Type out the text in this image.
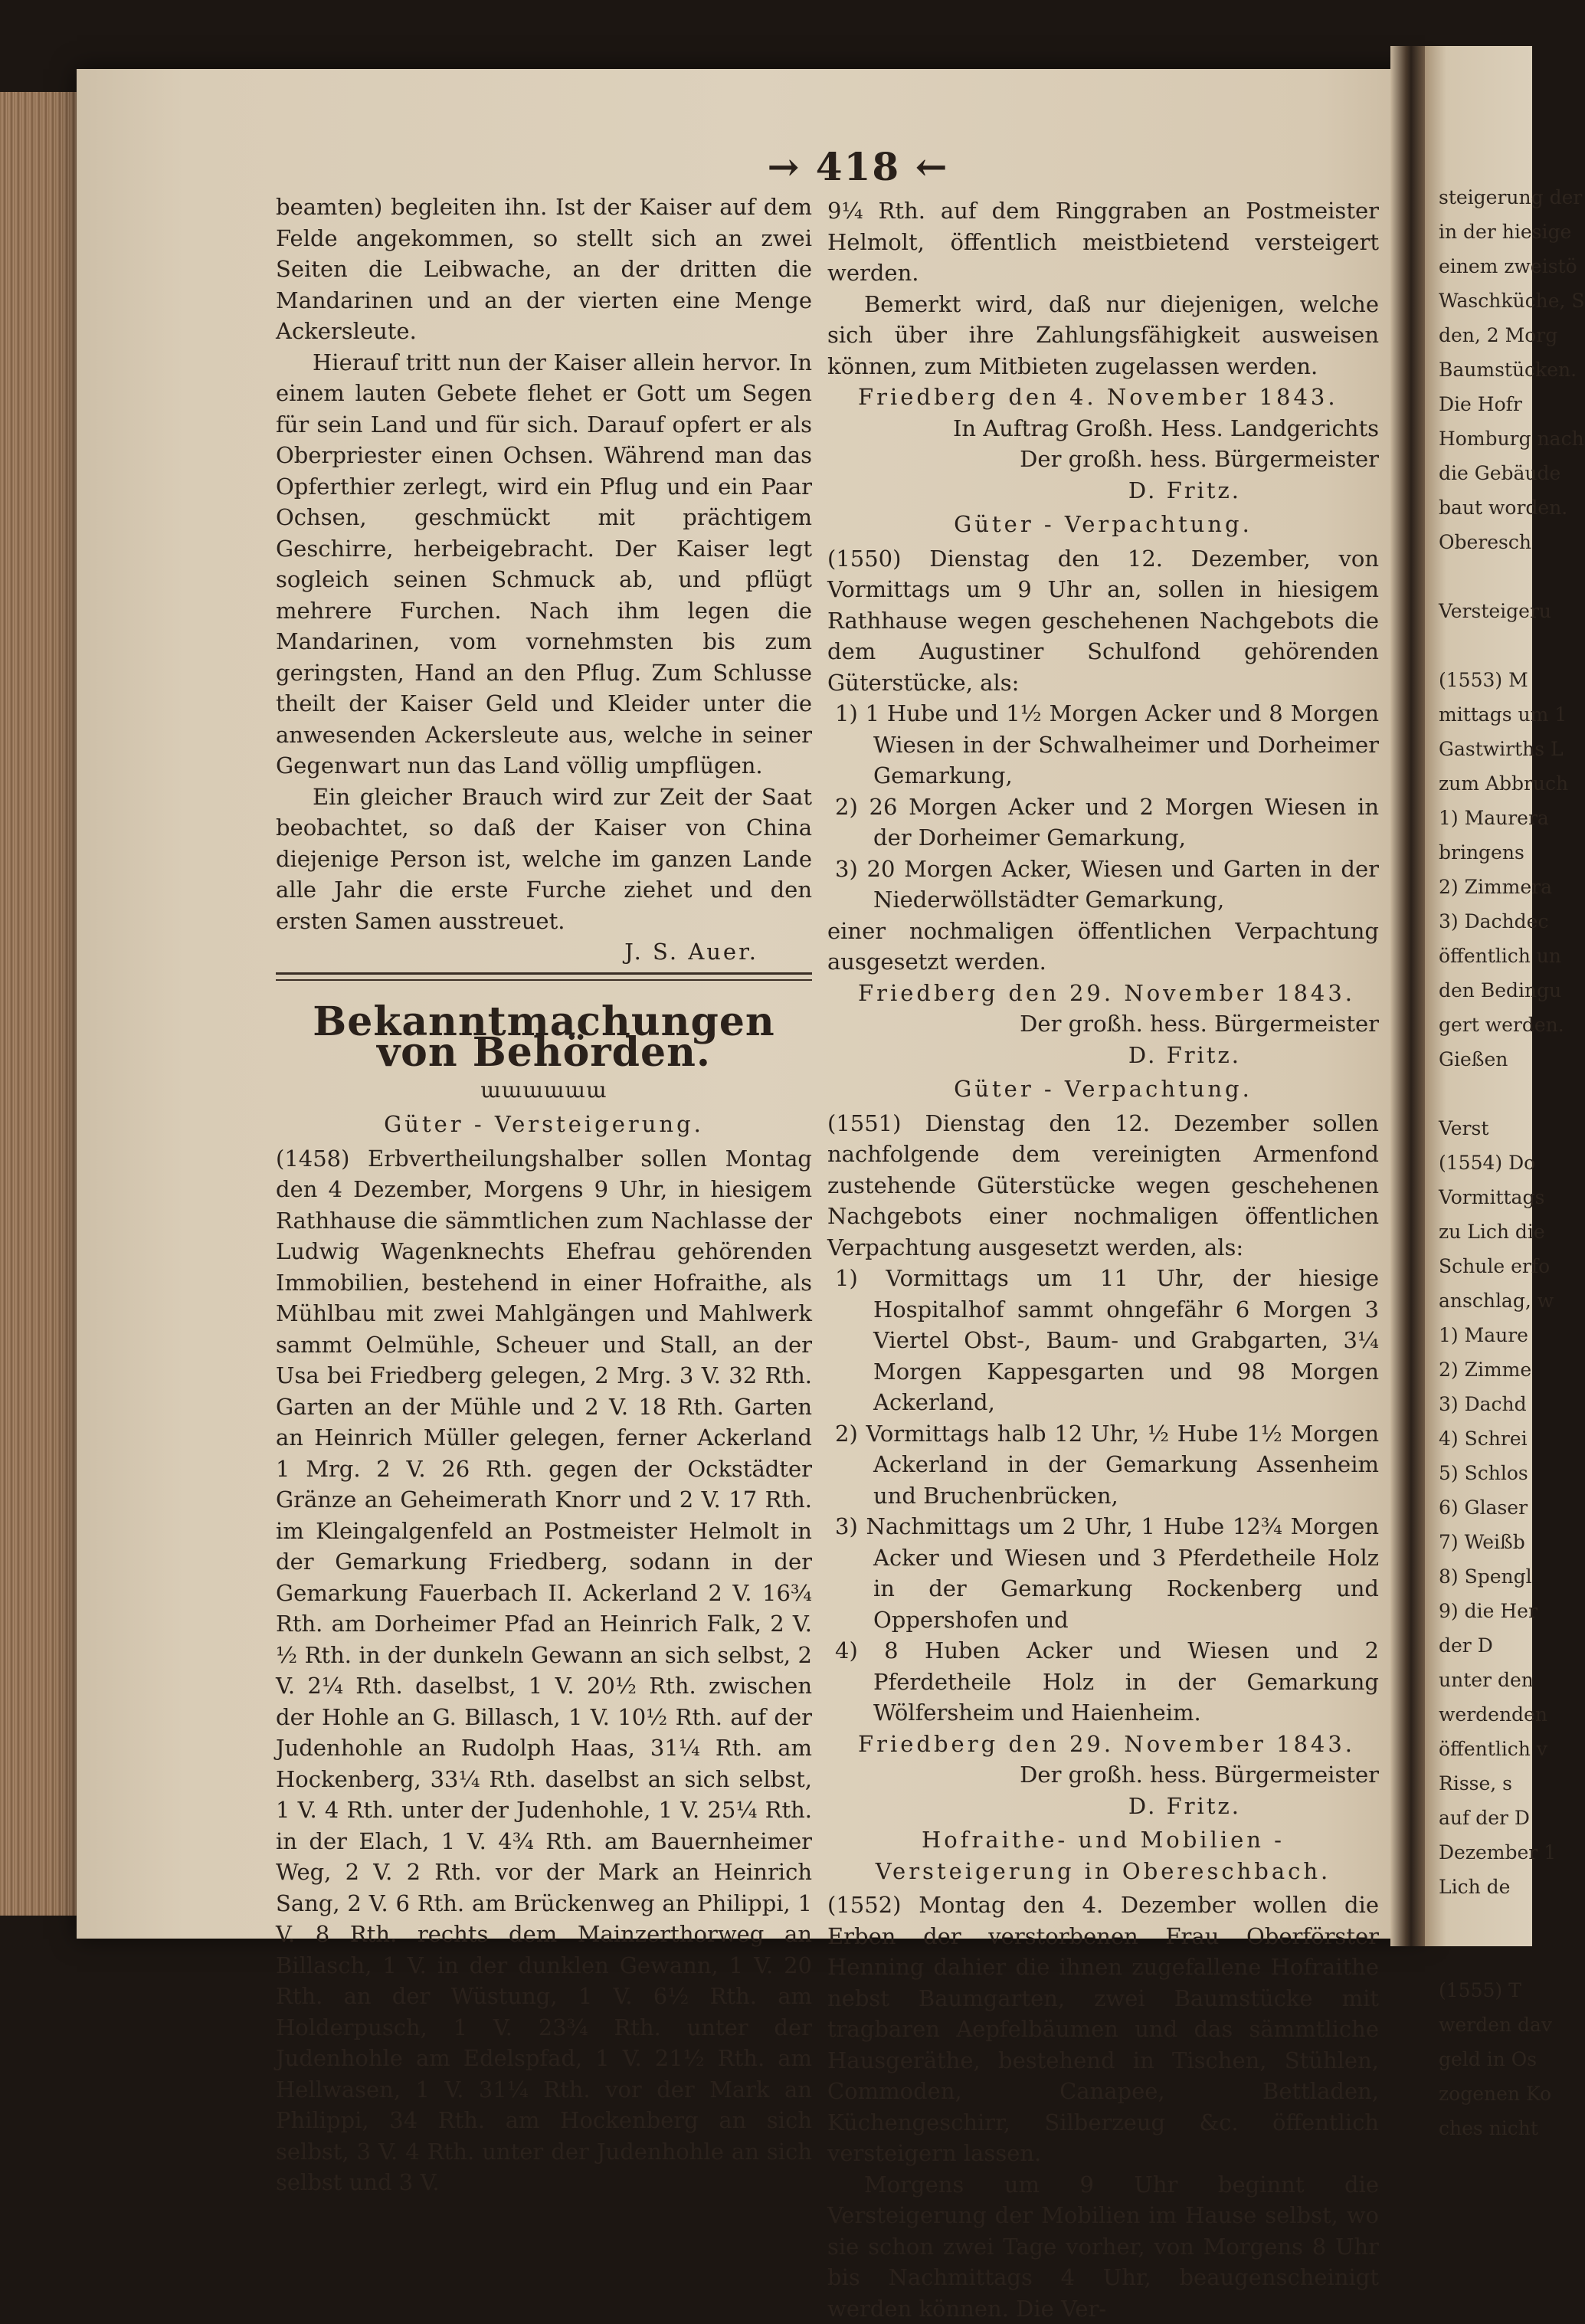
steigerung der
in der hiesige
einem zweistö
Waschküche, S
den, 2 Morg
Baumstücken.
Die Hofr
Homburg nach
die Gebäude
baut worden.
Oberesch

Versteigeru

(1553) M
mittags um 1
Gastwirths L
zum Abbruch
1) Maurera
bringens
2) Zimmera
3) Dachdec
öffentlich un
den Bedingu
gert werden.
Gießen

Verst
(1554) Do
Vormittags
zu Lich die
Schule erfo
anschlag, w
1) Maure
2) Zimme
3) Dachd
4) Schrei
5) Schlos
6) Glaser
7) Weißb
8) Spengl
9) die Her
der D
unter den
werdenden
öffentlich v
Risse, s
auf der D
Dezember 1
Lich de

(1555) T
werden dav
geld in Os
zogenen Ko
ches nicht
→ 418 ←

beamten) begleiten ihn. Ist der Kaiser auf dem Felde angekommen, so stellt sich an zwei Seiten die Leibwache, an der dritten die Mandarinen und an der vierten eine Menge Ackersleute.

Hierauf tritt nun der Kaiser allein hervor. In einem lauten Gebete flehet er Gott um Segen für sein Land und für sich. Darauf opfert er als Oberpriester einen Ochsen. Während man das Opferthier zerlegt, wird ein Pflug und ein Paar Ochsen, geschmückt mit prächtigem Geschirre, herbeigebracht. Der Kaiser legt sogleich seinen Schmuck ab, und pflügt mehrere Furchen. Nach ihm legen die Mandarinen, vom vornehmsten bis zum geringsten, Hand an den Pflug. Zum Schlusse theilt der Kaiser Geld und Kleider unter die anwesenden Ackersleute aus, welche in seiner Gegenwart nun das Land völlig umpflügen.

Ein gleicher Brauch wird zur Zeit der Saat beobachtet, so daß der Kaiser von China diejenige Person ist, welche im ganzen Lande alle Jahr die erste Furche ziehet und den ersten Samen ausstreuet.

J. S. Auer.

Bekanntmachungen von Behörden.

ɯɯɯɯɯɯ

Güter - Versteigerung.

(1458) Erbvertheilungshalber sollen Montag den 4 Dezember, Morgens 9 Uhr, in hiesigem Rathhause die sämmtlichen zum Nachlasse der Ludwig Wagenknechts Ehefrau gehörenden Immobilien, bestehend in einer Hofraithe, als Mühlbau mit zwei Mahlgängen und Mahlwerk sammt Oelmühle, Scheuer und Stall, an der Usa bei Friedberg gelegen, 2 Mrg. 3 V. 32 Rth. Garten an der Mühle und 2 V. 18 Rth. Garten an Heinrich Müller gelegen, ferner Ackerland 1 Mrg. 2 V. 26 Rth. gegen der Ockstädter Gränze an Geheimerath Knorr und 2 V. 17 Rth. im Kleingalgenfeld an Postmeister Helmolt in der Gemarkung Friedberg, sodann in der Gemarkung Fauerbach II. Ackerland 2 V. 16¾ Rth. am Dorheimer Pfad an Heinrich Falk, 2 V. ½ Rth. in der dunkeln Gewann an sich selbst, 2 V. 2¼ Rth. daselbst, 1 V. 20½ Rth. zwischen der Hohle an G. Billasch, 1 V. 10½ Rth. auf der Judenhohle an Rudolph Haas, 31¼ Rth. am Hockenberg, 33¼ Rth. daselbst an sich selbst, 1 V. 4 Rth. unter der Judenhohle, 1 V. 25¼ Rth. in der Elach, 1 V. 4¾ Rth. am Bauernheimer Weg, 2 V. 2 Rth. vor der Mark an Heinrich Sang, 2 V. 6 Rth. am Brückenweg an Philippi, 1 V. 8 Rth. rechts dem Mainzerthorweg an Billasch, 1 V. in der dunklen Gewann, 1 V. 20 Rth. an der Wüstung, 1 V. 6½ Rth. am Holderpusch, 1 V. 23¾ Rth. unter der Judenhohle am Edelspfad, 1 V. 21½ Rth. am Hellwasen, 1 V. 31¼ Rth. vor der Mark an Philippi, 34 Rth. am Hockenberg an sich selbst, 3 V. 4 Rth. unter der Judenhohle an sich selbst und 3 V.

9¼ Rth. auf dem Ringgraben an Postmeister Helmolt, öffentlich meistbietend versteigert werden.

Bemerkt wird, daß nur diejenigen, welche sich über ihre Zahlungsfähigkeit ausweisen können, zum Mitbieten zugelassen werden.

Friedberg den 4. November 1843.

In Auftrag Großh. Hess. Landgerichts

Der großh. hess. Bürgermeister

D. Fritz.

Güter - Verpachtung.

(1550) Dienstag den 12. Dezember, von Vormittags um 9 Uhr an, sollen in hiesigem Rathhause wegen geschehenen Nachgebots die dem Augustiner Schulfond gehörenden Güterstücke, als:

1) 1 Hube und 1½ Morgen Acker und 8 Morgen Wiesen in der Schwalheimer und Dorheimer Gemarkung,

2) 26 Morgen Acker und 2 Morgen Wiesen in der Dorheimer Gemarkung,

3) 20 Morgen Acker, Wiesen und Garten in der Niederwöllstädter Gemarkung,

einer nochmaligen öffentlichen Verpachtung ausgesetzt werden.

Friedberg den 29. November 1843.

Der großh. hess. Bürgermeister

D. Fritz.

Güter - Verpachtung.

(1551) Dienstag den 12. Dezember sollen nachfolgende dem vereinigten Armenfond zustehende Güterstücke wegen geschehenen Nachgebots einer nochmaligen öffentlichen Verpachtung ausgesetzt werden, als:

1) Vormittags um 11 Uhr, der hiesige Hospitalhof sammt ohngefähr 6 Morgen 3 Viertel Obst-, Baum- und Grabgarten, 3¼ Morgen Kappesgarten und 98 Morgen Ackerland,

2) Vormittags halb 12 Uhr, ½ Hube 1½ Morgen Ackerland in der Gemarkung Assenheim und Bruchenbrücken,

3) Nachmittags um 2 Uhr, 1 Hube 12¾ Morgen Acker und Wiesen und 3 Pferdetheile Holz in der Gemarkung Rockenberg und Oppershofen und

4) 8 Huben Acker und Wiesen und 2 Pferdetheile Holz in der Gemarkung Wölfersheim und Haienheim.

Friedberg den 29. November 1843.

Der großh. hess. Bürgermeister

D. Fritz.

Hofraithe- und Mobilien - Versteigerung in Obereschbach.

(1552) Montag den 4. Dezember wollen die Erben der verstorbenen Frau Oberförster Henning dahier die ihnen zugefallene Hofraithe nebst Baumgarten, zwei Baumstücke mit tragbaren Aepfelbäumen und das sämmtliche Hausgeräthe, bestehend in Tischen, Stühlen, Commoden, Canapee, Bettladen, Küchengeschirr, Silberzeug &c. öffentlich versteigern lassen.

Morgens um 9 Uhr beginnt die Versteigerung der Mobilien im Hause selbst, wo sie schon zwei Tage vorher, von Morgens 8 Uhr bis Nachmittags 4 Uhr, beaugenscheinigt werden können. Die Ver-
